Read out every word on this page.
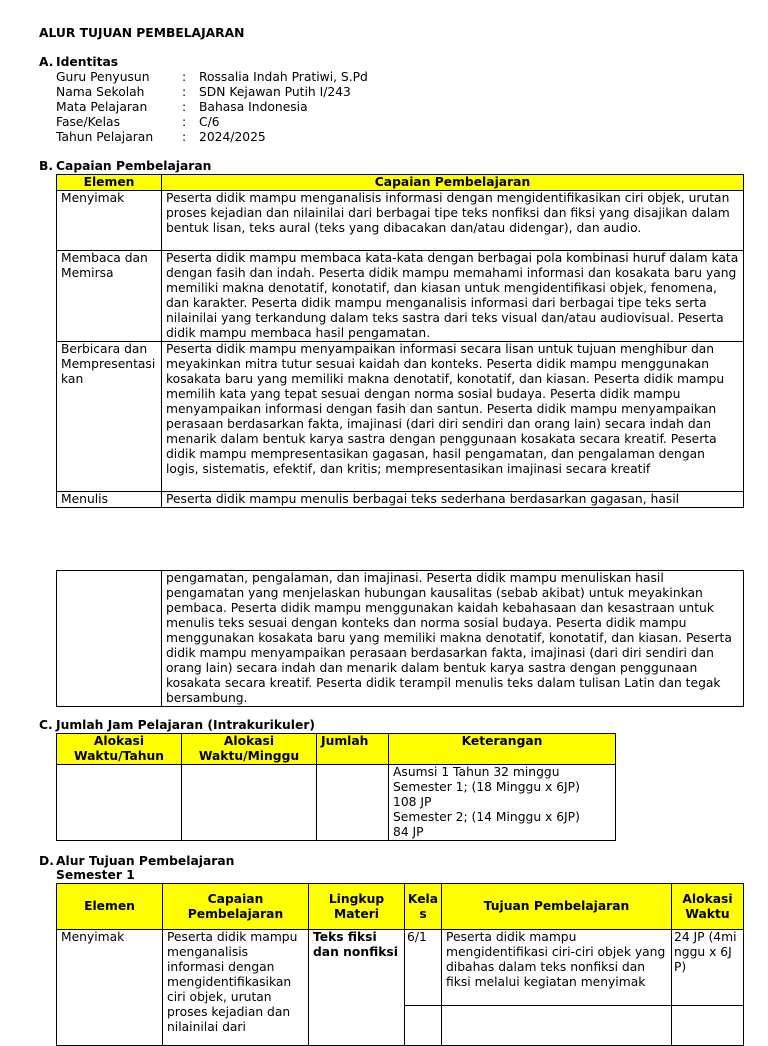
ALUR TUJUAN PEMBELAJARAN
A. Identitas
Guru Penyusun	:	Rossalia Indah Pratiwi, S.Pd
Nama Sekolah	:	SDN Kejawan Putih I/243
Mata Pelajaran	:	Bahasa Indonesia
Fase/Kelas	:	C/6
Tahun Pelajaran	:	2024/2025
B. Capaian Pembelajaran
Elemen	Capaian Pembelajaran
Menyimak	Peserta didik mampu menganalisis informasi dengan mengidentifikasikan ciri objek, urutan proses kejadian dan nilainilai dari berbagai tipe teks nonfiksi dan fiksi yang disajikan dalam bentuk lisan, teks aural (teks yang dibacakan dan/atau didengar), dan audio.
Membaca dan Memirsa	Peserta didik mampu membaca kata-kata dengan berbagai pola kombinasi huruf dalam kata dengan fasih dan indah. Peserta didik mampu memahami informasi dan kosakata baru yang memiliki makna denotatif, konotatif, dan kiasan untuk mengidentifikasi objek, fenomena, dan karakter. Peserta didik mampu menganalisis informasi dari berbagai tipe teks serta nilainilai yang terkandung dalam teks sastra dari teks visual dan/atau audiovisual. Peserta didik mampu membaca hasil pengamatan.
Berbicara dan Mempresentasikan	Peserta didik mampu menyampaikan informasi secara lisan untuk tujuan menghibur dan meyakinkan mitra tutur sesuai kaidah dan konteks. Peserta didik mampu menggunakan kosakata baru yang memiliki makna denotatif, konotatif, dan kiasan. Peserta didik mampu memilih kata yang tepat sesuai dengan norma sosial budaya. Peserta didik mampu menyampaikan informasi dengan fasih dan santun. Peserta didik mampu menyampaikan perasaan berdasarkan fakta, imajinasi (dari diri sendiri dan orang lain) secara indah dan menarik dalam bentuk karya sastra dengan penggunaan kosakata secara kreatif. Peserta didik mampu mempresentasikan gagasan, hasil pengamatan, dan pengalaman dengan logis, sistematis, efektif, dan kritis; mempresentasikan imajinasi secara kreatif
Menulis	Peserta didik mampu menulis berbagai teks sederhana berdasarkan gagasan, hasil
	pengamatan, pengalaman, dan imajinasi. Peserta didik mampu menuliskan hasil pengamatan yang menjelaskan hubungan kausalitas (sebab akibat) untuk meyakinkan pembaca. Peserta didik mampu menggunakan kaidah kebahasaan dan kesastraan untuk menulis teks sesuai dengan konteks dan norma sosial budaya. Peserta didik mampu menggunakan kosakata baru yang memiliki makna denotatif, konotatif, dan kiasan. Peserta didik mampu menyampaikan perasaan berdasarkan fakta, imajinasi (dari diri sendiri dan orang lain) secara indah dan menarik dalam bentuk karya sastra dengan penggunaan kosakata secara kreatif. Peserta didik terampil menulis teks dalam tulisan Latin dan tegak bersambung.
C. Jumlah Jam Pelajaran (Intrakurikuler)
Alokasi Waktu/Tahun	Alokasi Waktu/Minggu	Jumlah	Keterangan

			Asumsi 1 Tahun 32 minggu
Semester 1; (18 Minggu x 6JP)
108 JP
Semester 2; (14 Minggu x 6JP)
84 JP
D. Alur Tujuan Pembelajaran
Semester 1
Elemen	Capaian Pembelajaran	Lingkup Materi	Kelas	Tujuan Pembelajaran	Alokasi Waktu
Menyimak	Peserta didik mampu menganalisis informasi dengan mengidentifikasikan ciri objek, urutan proses kejadian dan nilainilai dari	Teks fiksi dan nonfiksi	6/1	Peserta didik mampu mengidentifikasi ciri-ciri objek yang dibahas dalam teks nonfiksi dan fiksi melalui kegiatan menyimak	24 JP (4minggu x 6JP)
